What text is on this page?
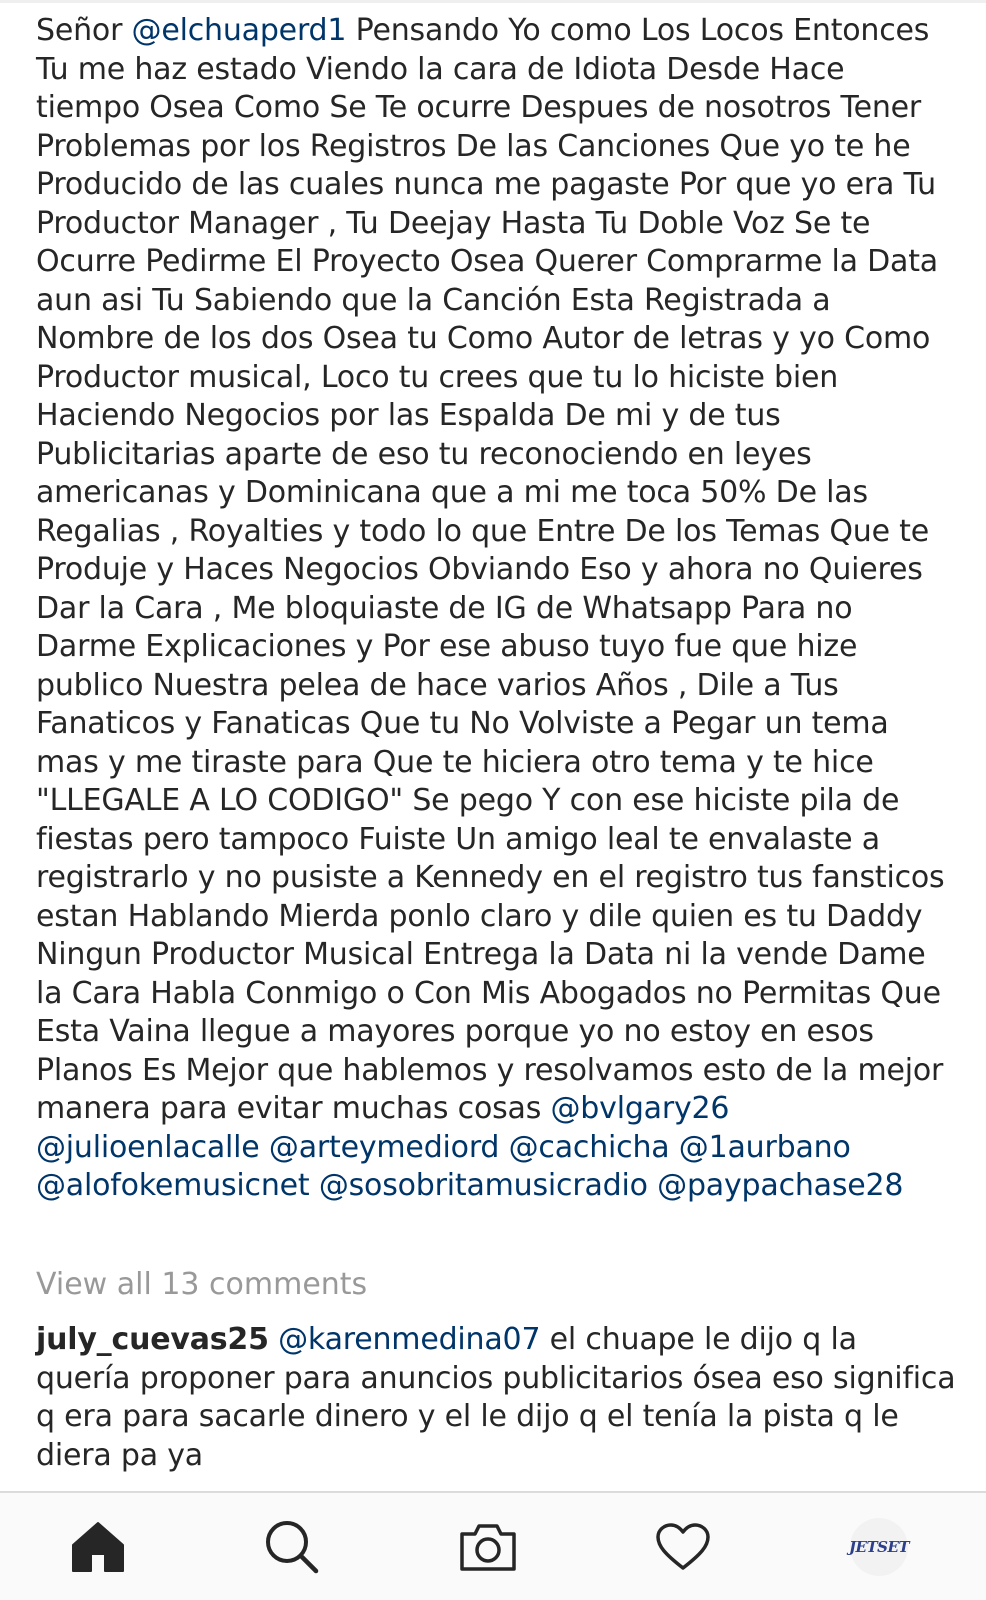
Señor @elchuaperd1 Pensando Yo como Los Locos Entonces Tu me haz estado Viendo la cara de Idiota Desde Hace tiempo Osea Como Se Te ocurre Despues de nosotros Tener Problemas por los Registros De las Canciones Que yo te he Producido de las cuales nunca me pagaste Por que yo era Tu Productor Manager , Tu Deejay Hasta Tu Doble Voz Se te Ocurre Pedirme El Proyecto Osea Querer Comprarme la Data aun asi Tu Sabiendo que la Canción Esta Registrada a Nombre de los dos Osea tu Como Autor de letras y yo Como Productor musical, Loco tu crees que tu lo hiciste bien Haciendo Negocios por las Espalda De mi y de tus Publicitarias aparte de eso tu reconociendo en leyes americanas y Dominicana que a mi me toca 50% De las Regalias , Royalties y todo lo que Entre De los Temas Que te Produje y Haces Negocios Obviando Eso y ahora no Quieres Dar la Cara , Me bloquiaste de IG de Whatsapp Para no Darme Explicaciones y Por ese abuso tuyo fue que hize publico Nuestra pelea de hace varios Años , Dile a Tus Fanaticos y Fanaticas Que tu No Volviste a Pegar un tema mas y me tiraste para Que te hiciera otro tema y te hice "LLEGALE A LO CODIGO" Se pego Y con ese hiciste pila de fiestas pero tampoco Fuiste Un amigo leal te envalaste a registrarlo y no pusiste a Kennedy en el registro tus fansticos estan Hablando Mierda ponlo claro y dile quien es tu Daddy Ningun Productor Musical Entrega la Data ni la vende Dame la Cara Habla Conmigo o Con Mis Abogados no Permitas Que Esta Vaina llegue a mayores porque yo no estoy en esos Planos Es Mejor que hablemos y resolvamos esto de la mejor manera para evitar muchas cosas @bvlgary26 @julioenlacalle @arteymediord @cachicha @1aurbano @alofokemusicnet @sosobritamusicradio @paypachase28
View all 13 comments
july_cuevas25 @karenmedina07 el chuape le dijo q la quería proponer para anuncios publicitarios ósea eso significa q era para sacarle dinero y el le dijo q el tenía la pista q le diera pa ya
JETSET
